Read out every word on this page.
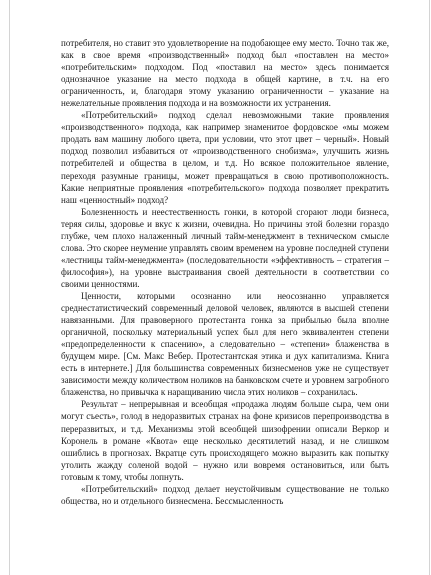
потребителя, но ставит это удовлетворение на подобающее ему место. Точно так же, как в свое время «производственный» подход был «поставлен на место» «потребительским» подходом. Под «поставил на место» здесь понимается однозначное указание на место подхода в общей картине, в т.ч. на его ограниченность, и, благодаря этому указанию ограниченности – указание на нежелательные проявления подхода и на возможности их устранения.

«Потребительский» подход сделал невозможными такие проявления «производственного» подхода, как например знаменитое фордовское «мы можем продать вам машину любого цвета, при условии, что этот цвет – черный». Новый подход позволил избавиться от «производственного снобизма», улучшить жизнь потребителей и общества в целом, и т.д. Но всякое положительное явление, переходя разумные границы, может превращаться в свою противоположность. Какие неприятные проявления «потребительского» подхода позволяет прекратить наш «ценностный» подход?

Болезненность и неестественность гонки, в которой сгорают люди бизнеса, теряя силы, здоровье и вкус к жизни, очевидна. Но причины этой болезни гораздо глубже, чем плохо налаженный личный тайм-менеджмент в техническом смысле слова. Это скорее неумение управлять своим временем на уровне последней ступени «лестницы тайм-менеджмента» (последовательности «эффективность – стратегия – философия»), на уровне выстраивания своей деятельности в соответствии со своими ценностями.

Ценности, которыми осознанно или неосознанно управляется среднестатистический современный деловой человек, являются в высшей степени навязанными. Для правоверного протестанта гонка за прибылью была вполне органичной, поскольку материальный успех был для него эквивалентен степени «предопределенности к спасению», а следовательно – «степени» блаженства в будущем мире. [См. Макс Вебер. Протестантская этика и дух капитализма. Книга есть в интернете.] Для большинства современных бизнесменов уже не существует зависимости между количеством ноликов на банковском счете и уровнем загробного блаженства, но привычка к наращиванию числа этих ноликов – сохранилась.

Результат – непрерывная и всеобщая «продажа людям больше сыра, чем они могут съесть», голод в недоразвитых странах на фоне кризисов перепроизводства в переразвитых, и т.д. Механизмы этой всеобщей шизофрении описали Веркор и Коронель в романе «Квота» еще несколько десятилетий назад, и не слишком ошиблись в прогнозах. Вкратце суть происходящего можно выразить как попытку утолить жажду соленой водой – нужно или вовремя остановиться, или быть готовым к тому, чтобы лопнуть.

«Потребительский» подход делает неустойчивым существование не только общества, но и отдельного бизнесмена. Бессмысленность
